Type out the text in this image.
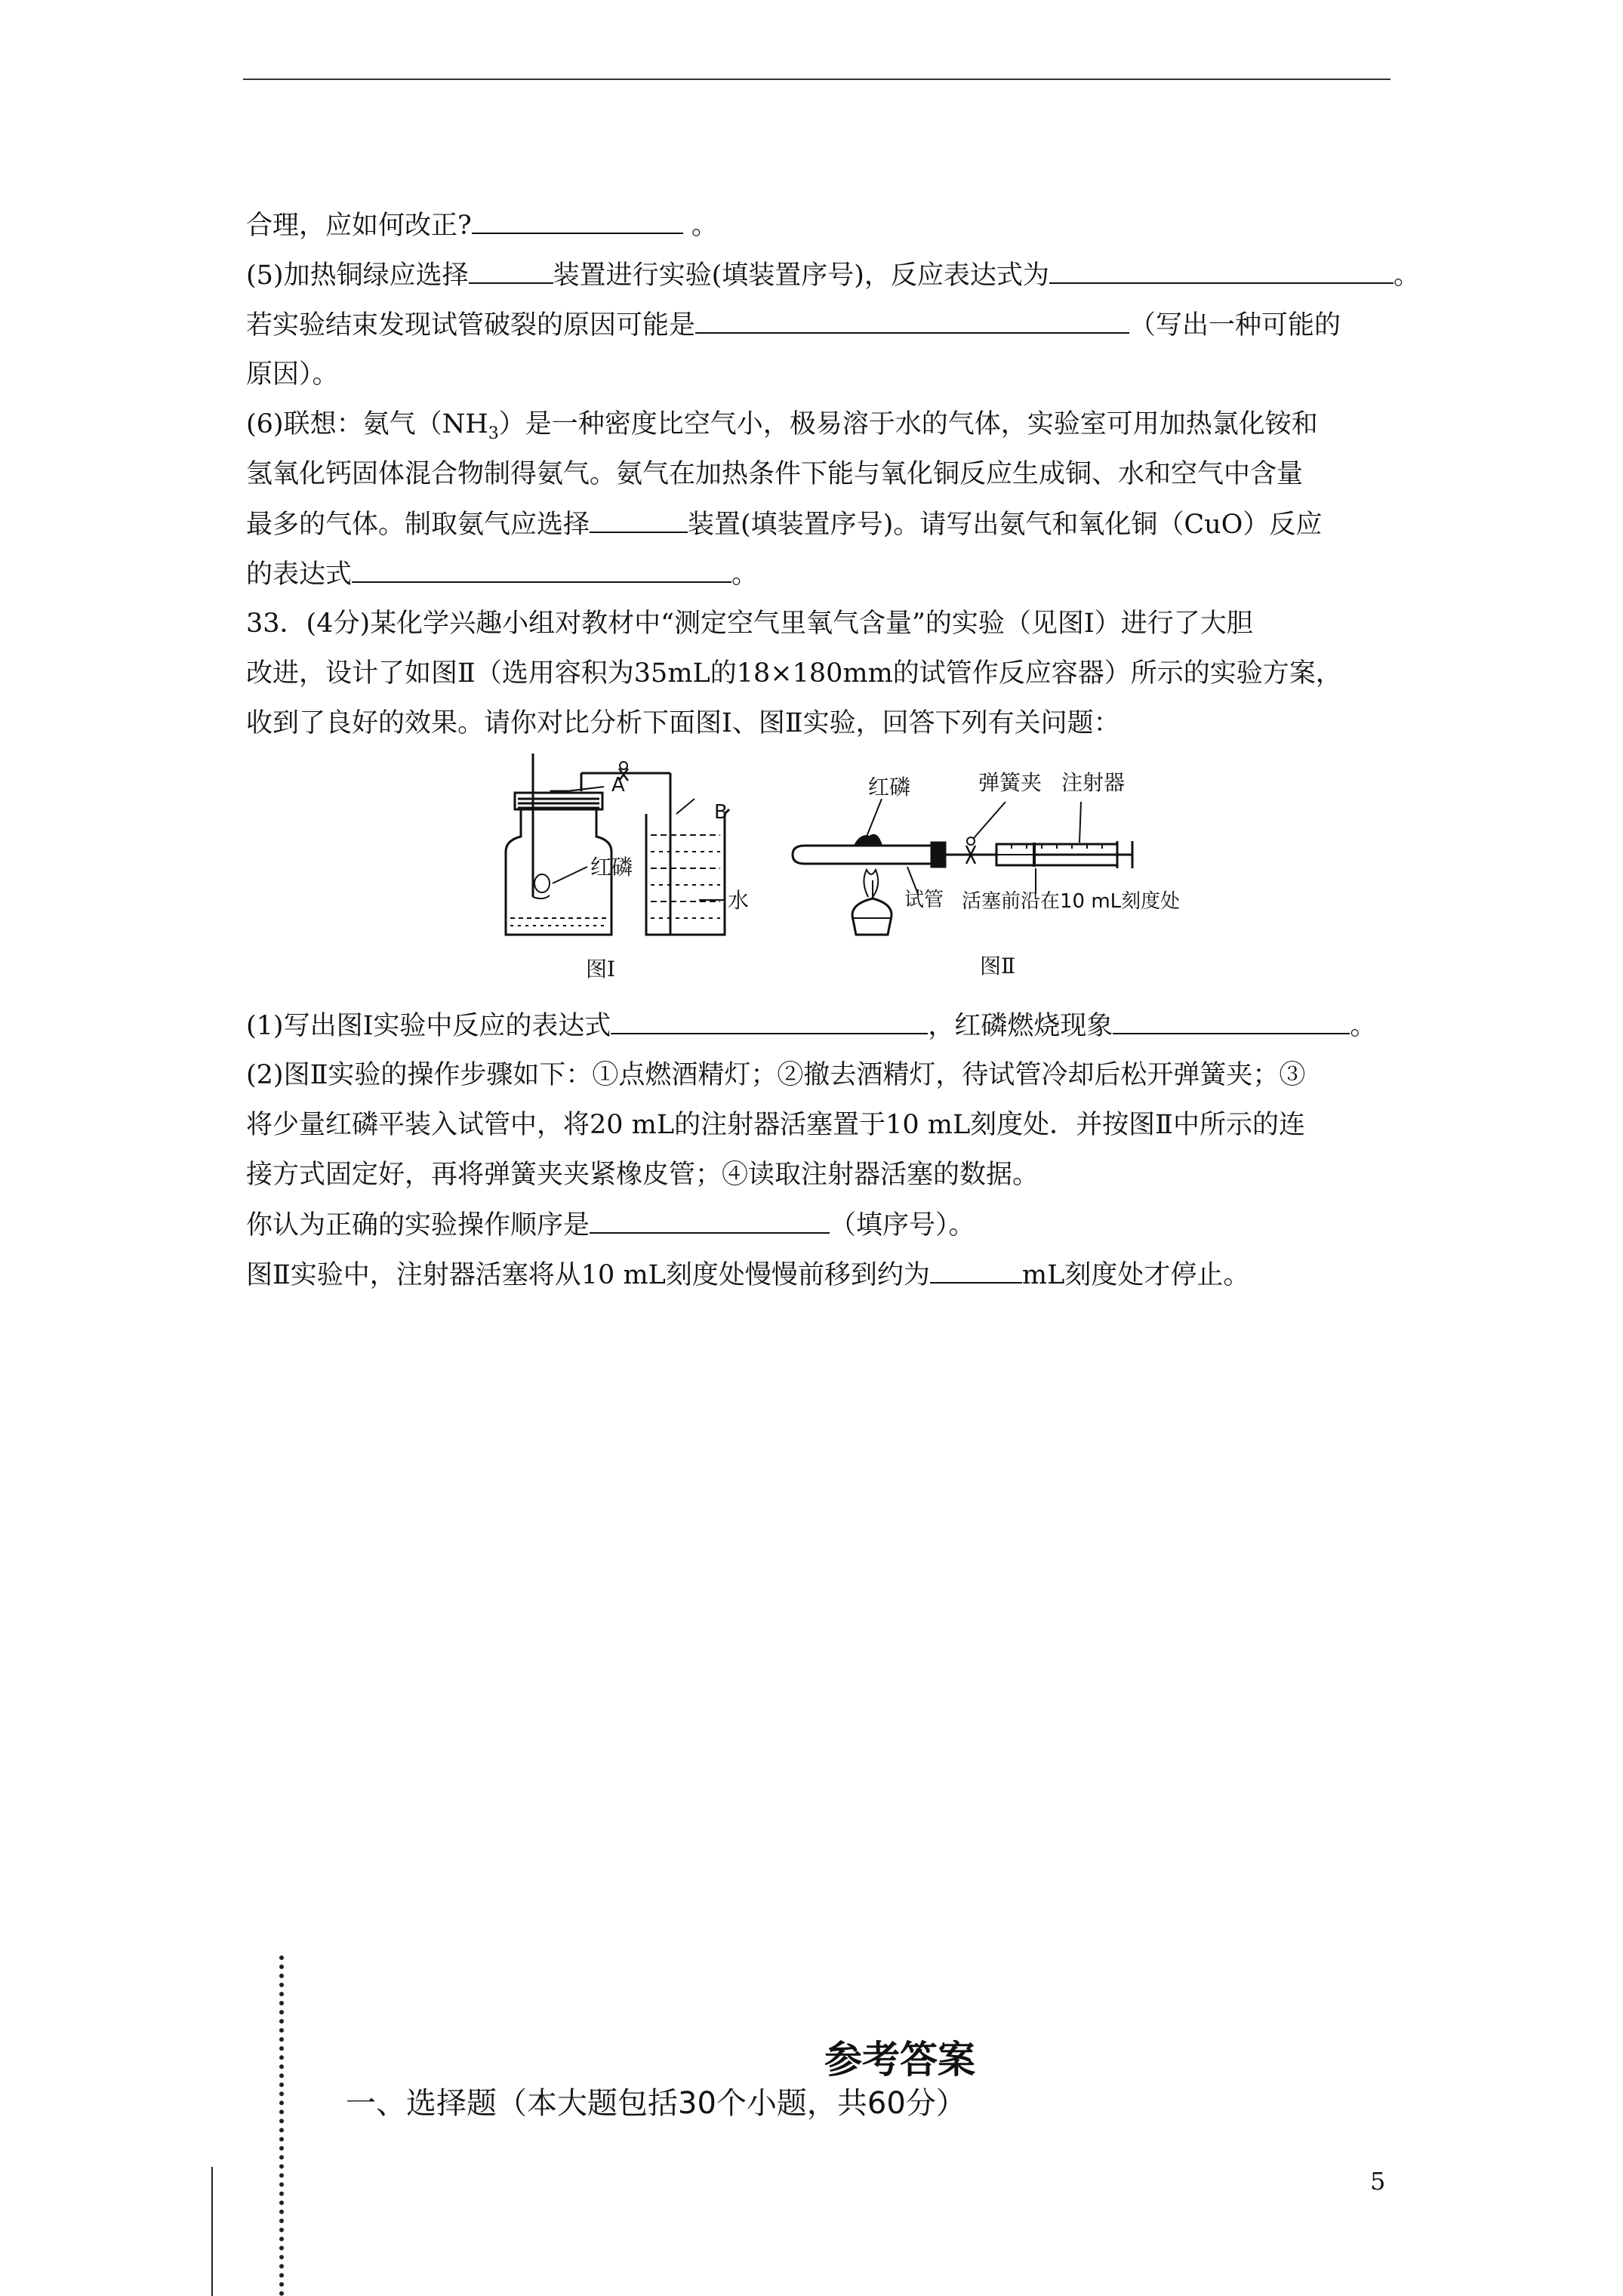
合理，应如何改正?	。
(5)加热铜绿应选择	装置进行实验(填装置序号)，反应表达式为	。
若实验结束发现试管破裂的原因可能是	（写出一种可能的
原因）。
(6)联想：氨气$(NH_3)$是一种密度比空气小，极易溶于水的气体，实验室可用加热氯化铵和
氢氧化钙固体混合物制得氨气。氨气在加热条件下能与氧化铜反应生成铜、水和空气中含量
最多的气体。制取氨气应选择	装置(填装置序号)。请写出氨气和氧化铜（CuO）反应
的表达式	。
33．(4分)某化学兴趣小组对教材中“测定空气里氧气含量”的实验（见图Ⅰ）进行了大胆
改进，设计了如图Ⅱ（选用容积为35mL的18×180mm的试管作反应容器）所示的实验方案，
收到了良好的效果。请你对比分析下面图Ⅰ、图Ⅱ实验，回答下列有关问题：
A
B
红磷
水
红磷	弹簧夹 注射器
试管 活塞前沿在10 mL刻度处
图Ⅰ	图Ⅱ
(1)写出图Ⅰ实验中反应的表达式	，红磷燃烧现象	。
(2)图Ⅱ实验的操作步骤如下：①点燃酒精灯；②撤去酒精灯，待试管冷却后松开弹簧夹；③
将少量红磷平装入试管中，将20 mL的注射器活塞置于10 mL刻度处．并按图Ⅱ中所示的连
接方式固定好，再将弹簧夹夹紧橡皮管；④读取注射器活塞的数据。
你认为正确的实验操作顺序是	（填序号）。
图Ⅱ实验中，注射器活塞将从10 mL刻度处慢慢前移到约为	mL刻度处才停止。
参考答案
一、选择题（本大题包括30个小题，共60分）
5
